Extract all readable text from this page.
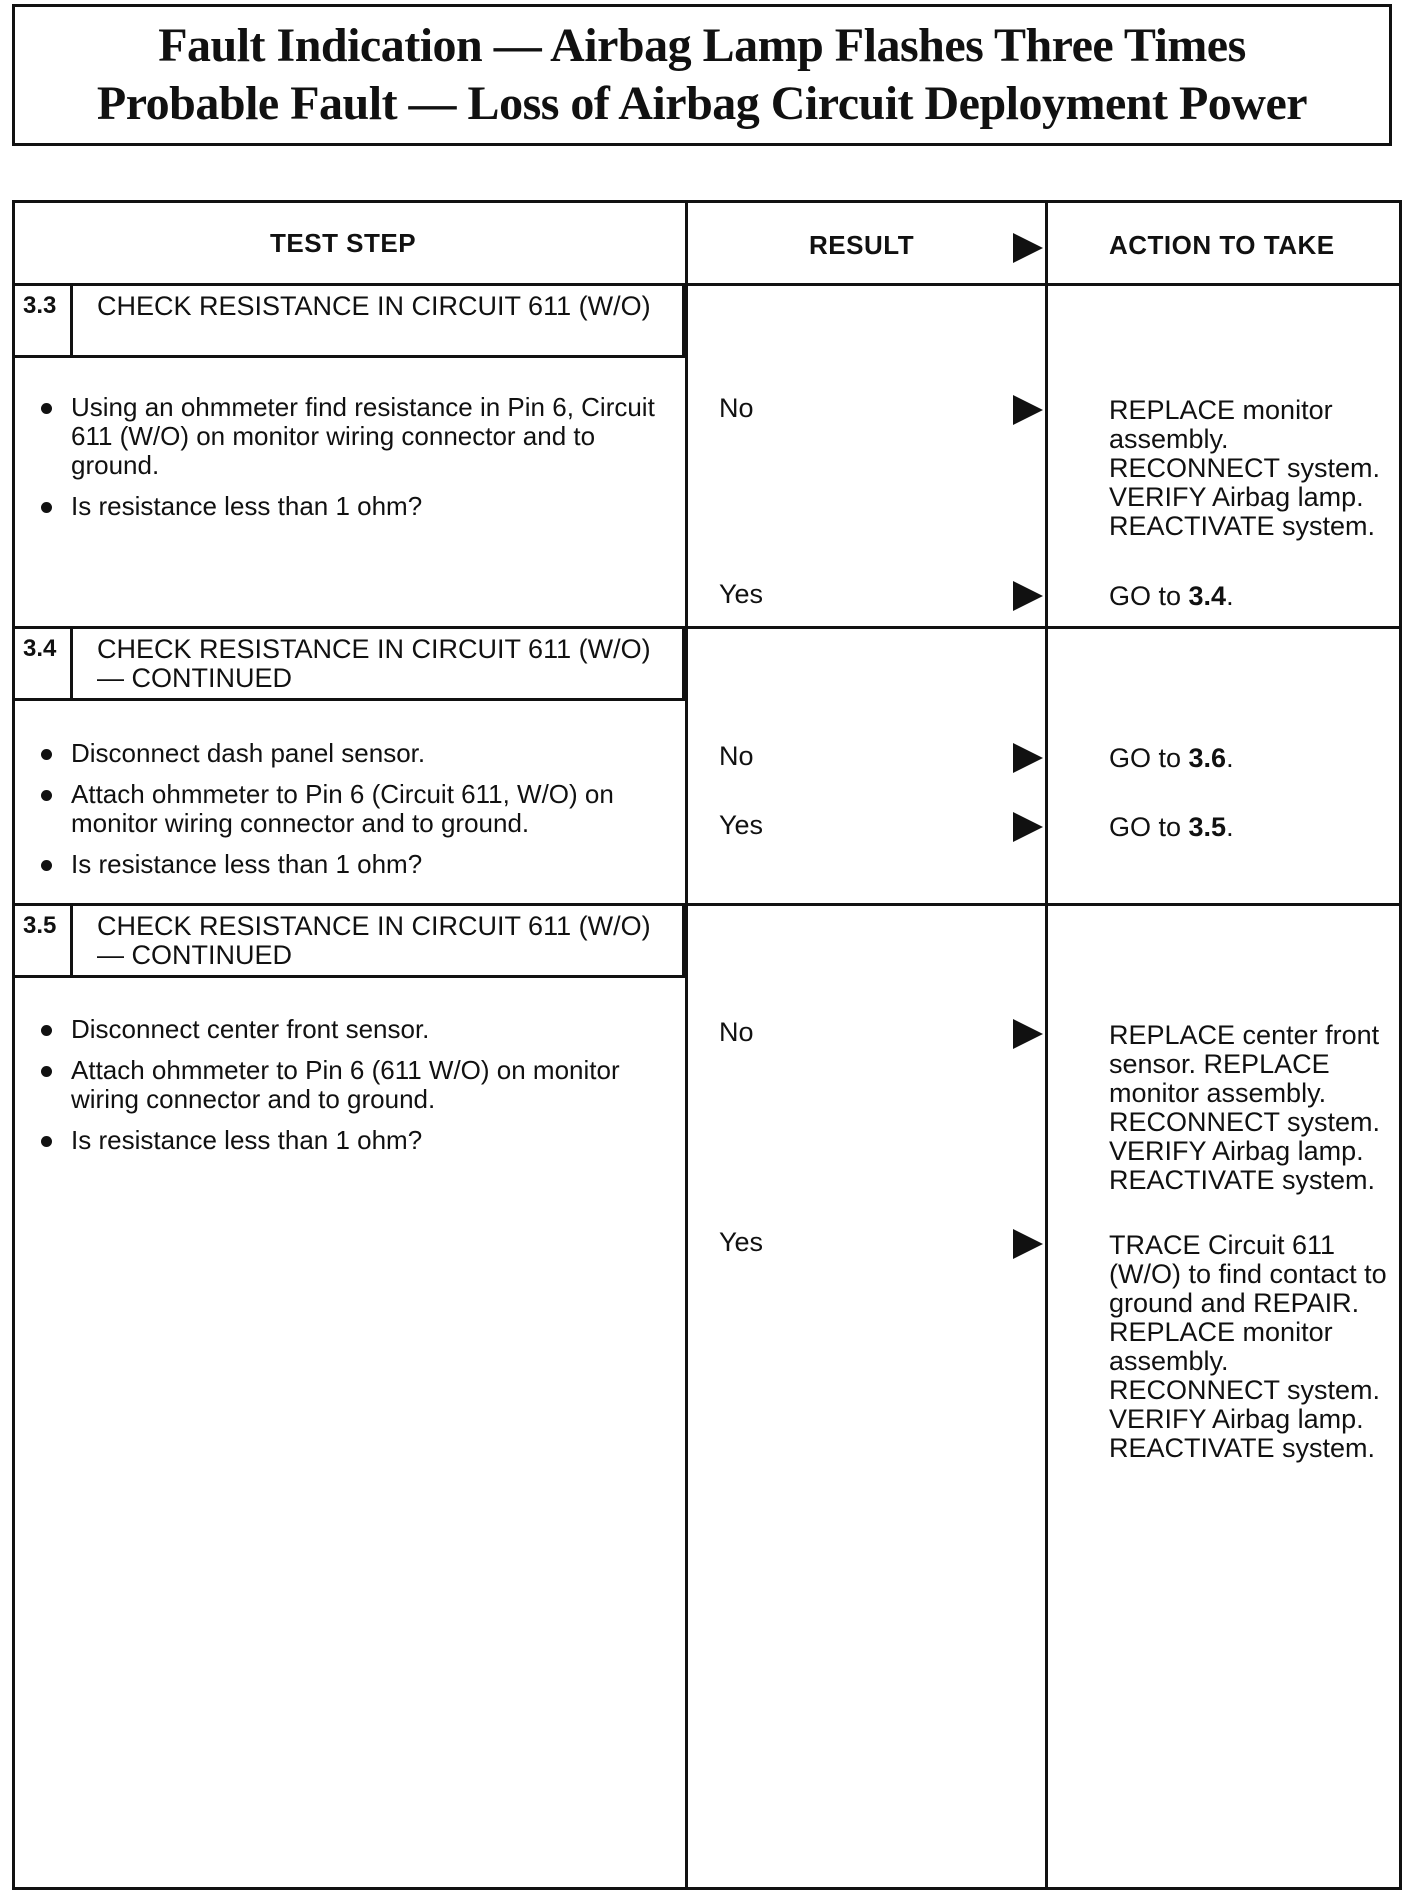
Fault Indication — Airbag Lamp Flashes Three Times
Probable Fault — Loss of Airbag Circuit Deployment Power
TEST STEP	RESULT	ACTION TO TAKE
3.3	CHECK RESISTANCE IN CIRCUIT 611 (W/O)
Using an ohmmeter find resistance in Pin 6, Circuit 611 (W/O) on monitor wiring connector and to ground.
Is resistance less than 1 ohm?
No	REPLACE monitor assembly. RECONNECT system. VERIFY Airbag lamp. REACTIVATE system.
Yes	GO to 3.4.
3.4	CHECK RESISTANCE IN CIRCUIT 611 (W/O) — CONTINUED
Disconnect dash panel sensor.
Attach ohmmeter to Pin 6 (Circuit 611, W/O) on monitor wiring connector and to ground.
Is resistance less than 1 ohm?
No	GO to 3.6.
Yes	GO to 3.5.
3.5	CHECK RESISTANCE IN CIRCUIT 611 (W/O) — CONTINUED
Disconnect center front sensor.
Attach ohmmeter to Pin 6 (611 W/O) on monitor wiring connector and to ground.
Is resistance less than 1 ohm?
No	REPLACE center front sensor. REPLACE monitor assembly. RECONNECT system. VERIFY Airbag lamp. REACTIVATE system.
Yes	TRACE Circuit 611 (W/O) to find contact to ground and REPAIR. REPLACE monitor assembly. RECONNECT system. VERIFY Airbag lamp. REACTIVATE system.
